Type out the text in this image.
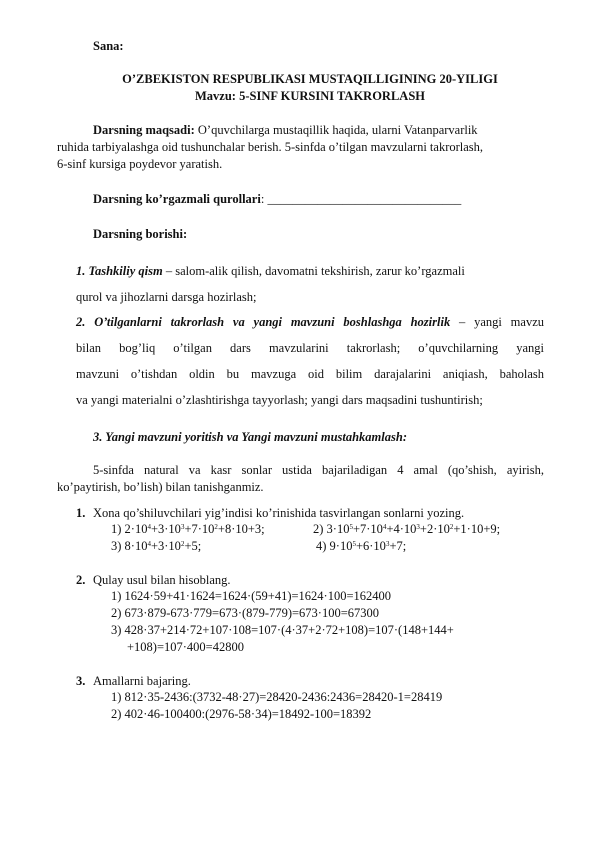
Sana:
O’ZBEKISTON RESPUBLIKASI MUSTAQILLIGINING 20-YILIGI
Mavzu: 5-SINF KURSINI TAKRORLASH
Darsning maqsadi: O’quvchilarga mustaqillik haqida, ularni Vatanparvarlik
ruhida tarbiyalashga oid tushunchalar berish. 5-sinfda o’tilgan mavzularni takrorlash,
6-sinf kursiga poydevor yaratish.
Darsning ko’rgazmali qurollari: _______________________________
Darsning borishi:
1. Tashkiliy qism – salom-alik qilish, davomatni tekshirish, zarur ko’rgazmali
qurol va jihozlarni darsga hozirlash;
2. O’tilganlarni takrorlash va yangi mavzuni boshlashga hozirlik – yangi mavzu
bilan bog’liq o’tilgan dars mavzularini takrorlash; o’quvchilarning yangi
mavzuni o’tishdan oldin bu mavzuga oid bilim darajalarini aniqiash, baholash
va yangi materialni o’zlashtirishga tayyorlash; yangi dars maqsadini tushuntirish;
3. Yangi mavzuni yoritish va Yangi mavzuni mustahkamlash:
5-sinfda natural va kasr sonlar ustida bajariladigan 4 amal (qo’shish, ayirish,
ko’paytirish, bo’lish) bilan tanishganmiz.
1. Xona qo’shiluvchilari yig’indisi ko’rinishida tasvirlangan sonlarni yozing.
1) $2\cdot 10^4+3\cdot 10^3+7\cdot 10^2+8\cdot 10+3$;	2) $3\cdot 10^5+7\cdot 10^4+4\cdot 10^3+2\cdot 10^2+1\cdot 10+9$;
3) $8\cdot 10^4+3\cdot 10^2+5$;	4) $9\cdot 10^5+6\cdot 10^3+7$;
2. Qulay usul bilan hisoblang.
1) 1624·59+41·1624=1624·(59+41)=1624·100=162400
2) 673·879-673·779=673·(879-779)=673·100=67300
3) 428·37+214·72+107·108=107·(4·37+2·72+108)=107·(148+144+
+108)=107·400=42800
3. Amallarni bajaring.
1) 812·35-2436:(3732-48·27)=28420-2436:2436=28420-1=28419
2) 402·46-100400:(2976-58·34)=18492-100=18392
